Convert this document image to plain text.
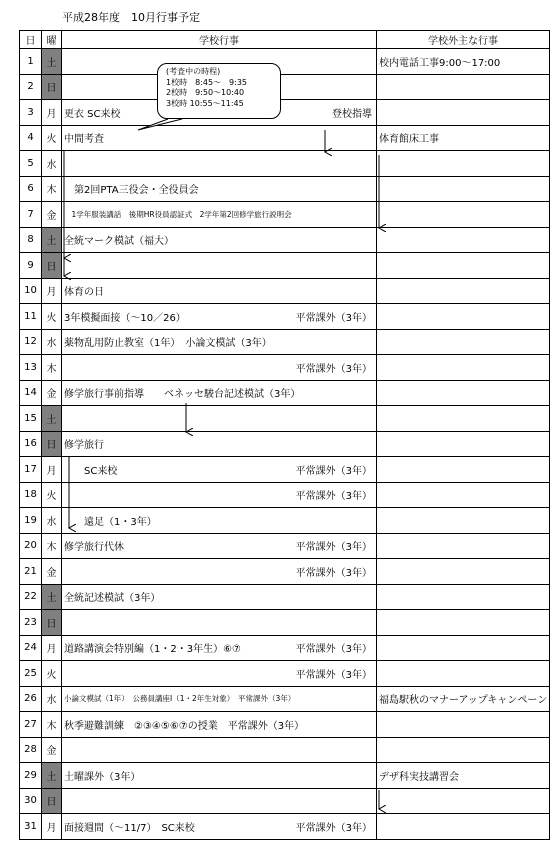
平成28年度　10月行事予定
日	曜	学校行事	学校外主な行事
1	土		校内電話工事9:00～17:00
2	日	

3	月	更衣 SC来校 登校指導	

4	火	中間考査	体育館床工事
5	水	

6	木	　第2回PTA三役会・全役員会	

7	金	　1学年服装講話　後期HR役員認証式　2学年第2回修学旅行説明会	

8	土	全統マーク模試（福大）	

9	日	

10	月	体育の日	

11	火	3年模擬面接（～10／26） 平常課外（3年）	

12	水	薬物乱用防止教室（1年）　小論文模試（3年）	

13	木	平常課外（3年）	

14	金	修学旅行事前指導　　ベネッセ駿台記述模試（3年）	

15	土	

16	日	修学旅行	

17	月	　　SC来校 平常課外（3年）	

18	火	平常課外（3年）	

19	水	　　遠足（1・3年）	

20	木	修学旅行代休 平常課外（3年）	

21	金	平常課外（3年）	

22	土	全統記述模試（3年）	

23	日	

24	月	道路講演会特別編（1・2・3年生）⑥⑦ 平常課外（3年）	

25	火	平常課外（3年）	

26	水	小論文模試（1年）　公務員講座Ⅰ（1・2年生対象）　平常課外（3年）	福島駅秋のマナーアップキャンペーン
27	木	秋季避難訓練　②③④⑤⑥⑦の授業　平常課外（3年）	

28	金	

29	土	土曜課外（3年）	デザ科実技講習会
30	日	

31	月	面接週間（～11/7）　SC来校 平常課外（3年）	

(考査中の時程)
1校時　8:45～　9:35
2校時　9:50～10:40
3校時 10:55～11:45
